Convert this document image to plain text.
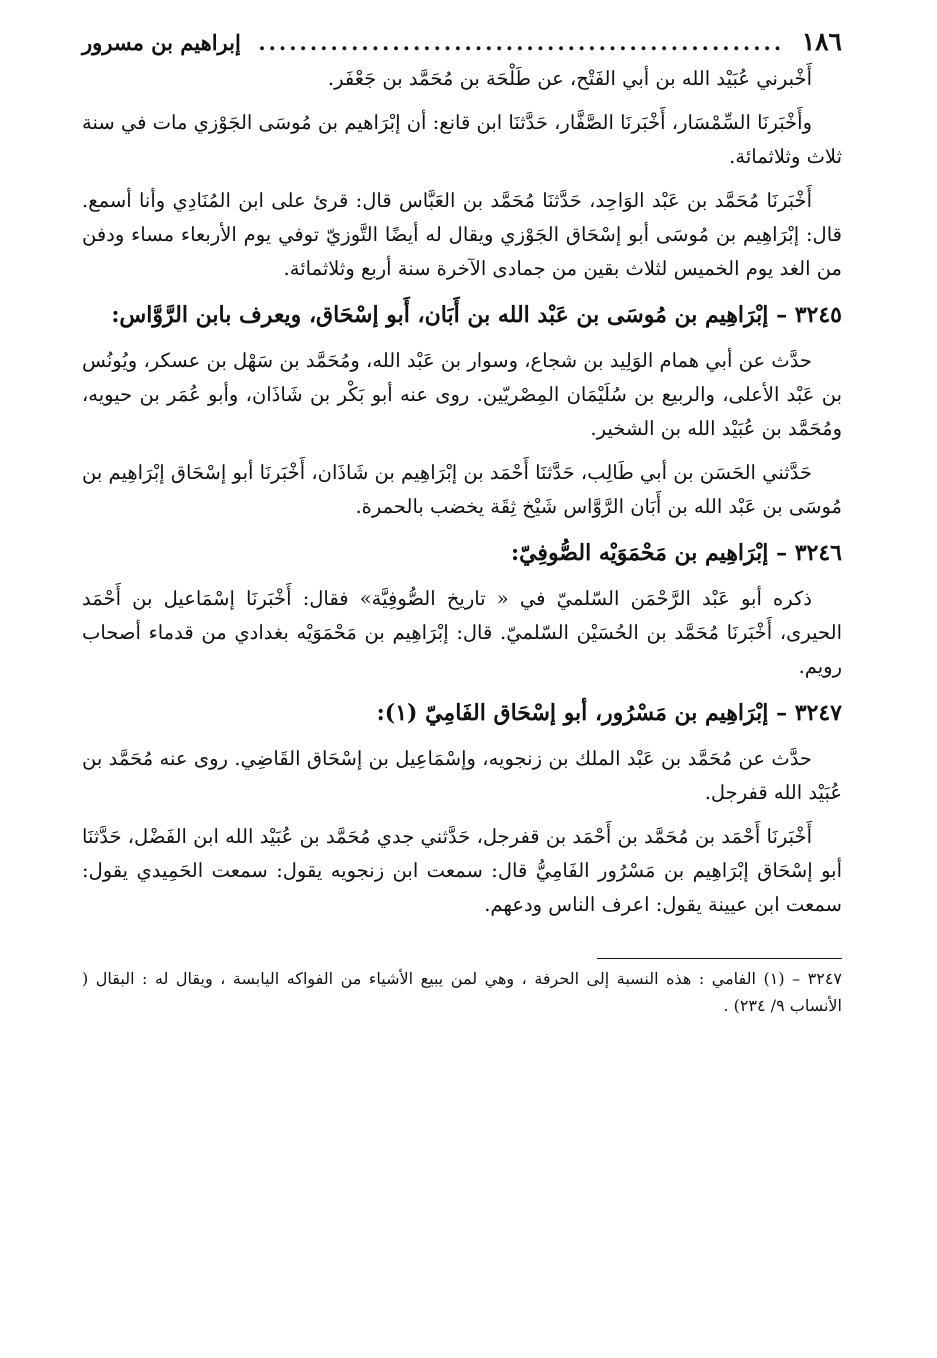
١٨٦
...................................................
إبراهيم بن مسرور

أَخْبرني عُبَيْد الله بن أبي الفَتْح، عن طَلْحَة بن مُحَمَّد بن جَعْفَر.

وأَخْبَرنَا السِّمْسَار، أَخْبَرنَا الصَّفَّار، حَدَّثنَا ابن قانع: أن إبْرَاهيم بن مُوسَى الجَوْزي مات في سنة ثلاث وثلاثمائة.

أَخْبَرنَا مُحَمَّد بن عَبْد الوَاحِد، حَدَّثنَا مُحَمَّد بن العَبَّاس قال: قرئ على ابن المُنَادِي وأنا أسمع. قال: إبْرَاهِيم بن مُوسَى أبو إسْحَاق الجَوْزي ويقال له أيضًا التَّوزيّ توفي يوم الأربعاء مساء ودفن من الغد يوم الخميس لثلاث بقين من جمادى الآخرة سنة أربع وثلاثمائة.

٣٢٤٥ – إبْرَاهِيم بن مُوسَى بن عَبْد الله بن أَبَان، أَبو إسْحَاق، ويعرف بابن الرَّوَّاس:

حدَّث عن أبي همام الوَلِيد بن شجاع، وسوار بن عَبْد الله، ومُحَمَّد بن سَهْل بن عسكر، ويُونُس بن عَبْد الأعلى، والربيع بن سُلَيْمَان المِصْريّين. روى عنه أبو بَكْر بن شَاذَان، وأبو عُمَر بن حيويه، ومُحَمَّد بن عُبَيْد الله بن الشخير.

حَدَّثني الحَسَن بن أبي طَالِب، حَدَّثنَا أَحْمَد بن إبْرَاهِيم بن شَاذَان، أَخْبَرنَا أبو إسْحَاق إبْرَاهِيم بن مُوسَى بن عَبْد الله بن أَبَان الرَّوَّاس شَيْخ ثِقَة يخضب بالحمرة.

٣٢٤٦ – إبْرَاهِيم بن مَحْمَوَيْه الصُّوفِيّ:

ذكره أبو عَبْد الرَّحْمَن السّلميّ في « تاريخ الصُّوفِيَّة» فقال: أَخْبَرنَا إسْمَاعيل بن أَحْمَد الحيرى، أَخْبَرنَا مُحَمَّد بن الحُسَيْن السّلميّ. قال: إبْرَاهِيم بن مَحْمَوَيْه بغدادي من قدماء أصحاب رويم.

٣٢٤٧ – إبْرَاهِيم بن مَسْرُور، أبو إسْحَاق الفَامِيّ (١):

حدَّث عن مُحَمَّد بن عَبْد الملك بن زنجويه، وإسْمَاعِيل بن إسْحَاق القَاضِي. روى عنه مُحَمَّد بن عُبَيْد الله قفرجل.

أَخْبَرنَا أَحْمَد بن مُحَمَّد بن أَحْمَد بن قفرجل، حَدَّثني جدي مُحَمَّد بن عُبَيْد الله ابن الفَضْل، حَدَّثنَا أبو إسْحَاق إبْرَاهِيم بن مَسْرُور الفَامِيُّ قال: سمعت ابن زنجويه يقول: سمعت الحَمِيدي يقول: سمعت ابن عيينة يقول: اعرف الناس ودعهم.

٣٢٤٧ – (١) الفامي : هذه النسبة إلى الحرفة ، وهي لمن يبيع الأشياء من الفواكه اليابسة ، ويقال له : البقال ( الأنساب ٩/ ٢٣٤) .
